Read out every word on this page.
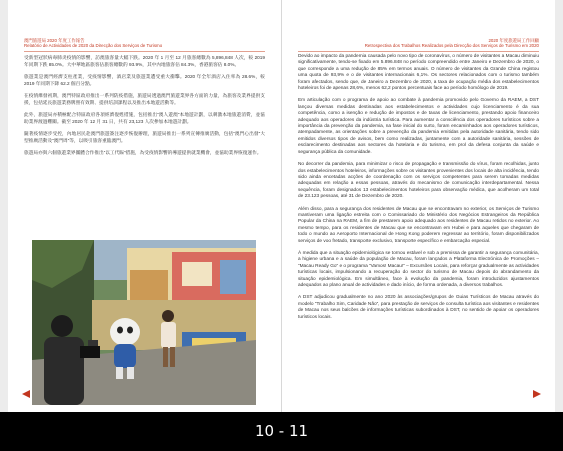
澳門旅遊局 2020 年度工作報告
Relatório de Actividades de 2020 da Direcção dos Serviços de Turismo

受新型冠狀病毒肺炎疫情的影響，訪澳旅客量大幅下跌。2020 年 1 月至 12 月旅客總數為 5,896,848 人次，較 2019 年同期下跌 85.0%。大中華地區旅客佔旅客總數的 93.9%，其中內地旅客佔 84.3%，香港旅客佔 8.0%。

旅遊業是澳門經濟支柱產業，受疫情影響，酒店業及旅遊業遭受重大衝擊。2020 年全年酒店入住率為 28.6%，較 2019 年同期下降 62.2 個百分點。

在疫情爆發初期，澳門特區政府推出一系列防疫措施，旅遊局透過澳門旅遊業界各方面的力量，為旅客及業界提供支援，包括延長旅遊業務牌照有效期、提供培訓課程以及推出本地遊活動等。

此外，旅遊局亦積極配合特區政府各項經濟復甦措施，包括推出“澳人遊澳”本地遊計劃，以刺激本地旅遊消費，並協助業界渡過難關。截至 2020 年 12 月 31 日，共有 23,123 人次參加本地遊計劃。

隨著疫情逐步受控，內地居民赴澳門旅遊簽注逐步恢復辦理，旅遊局推出一系列宣傳推廣活動，包括“澳門心出發”大型推廣活動及“澳門周”等，以吸引旅客重臨澳門。

旅遊局亦與六個旅遊業界團體合作推出“以工代賑”措施，為受疫情影響的導遊提供就業機會，並協助業界恢復運作。

2020 年度旅遊局工作回顧
Retrospectiva dos Trabalhos Realizados pela Direcção dos Serviços de Turismo em 2020

Devido ao impacto da pandemia causada pelo novo tipo de coronavírus, o número de visitantes a Macau diminuiu significativamente, tendo-se fixado em 5.896.848 no período compreendido entre Janeiro e Dezembro de 2020, o que corresponde a uma redução de 85% em termos anuais. O número de visitantes da Grande China registou uma quota de 93,9% e o de visitantes internacionais 6,1%. Os sectores relacionados com o turismo também foram afectados, sendo que, de Janeiro a Dezembro de 2020, a taxa de ocupação média dos estabelecimentos hoteleiros foi de apenas 28,6%, menos 62,2 pontos percentuais face ao período homólogo de 2019.

Em articulação com o programa de apoio ao combate à pandemia promovido pelo Governo da RAEM, a DST lançou diversas medidas destinadas aos estabelecimentos e actividades cujo licenciamento é da sua competência, como a isenção e redução de impostos e de taxas de licenciamento, prestando apoio financeiro adequado aos operadores da indústria turística. Para aumentar a consciência dos operadores turísticos sobre a importância da prevenção da pandemia, na fase inicial do surto, foram encaminhados aos operadores turísticos, atempadamente, as orientações sobre a prevenção da pandemia emitidas pela autoridade sanitária, tendo sido emitidos diversos tipos de avisos, bem como realizadas, juntamente com a autoridade sanitária, sessões de esclarecimento destinadas aos sectores da hotelaria e do turismo, em prol da defesa conjunta da saúde e segurança pública da comunidade.

No decorrer da pandemia, para minimizar o risco de propagação e transmissão do vírus, foram recolhidas, junto dos estabelecimentos hoteleiros, informações sobre os visitantes provenientes dos locais de alta incidência, tendo sido ainda encetadas acções de coordenação com os serviços competentes para serem tomadas medidas adequadas em relação a essas pessoas, através do mecanismo de comunicação interdepartamental. Nessa sequência, foram designados 13 estabelecimentos hoteleiros para observação médica, que acolheram um total de 23.123 pessoas, até 31 de Dezembro de 2020.

Além disso, para a segurança dos residentes de Macau que se encontravam no exterior, os Serviços de Turismo mantiveram uma ligação estreita com o Comissariado do Ministério dos Negócios Estrangeiros da República Popular da China na RAEM, a fim de prestarem apoio adequado aos residentes de Macau retidos no exterior. Ao mesmo tempo, para os residentes de Macau que se encontravam em Hubei e para aqueles que chegaram de todo o mundo ao Aeroporto Internacional de Hong Kong poderem regressar ao território, foram disponibilizados serviços de voo fretado, transporte exclusivo, transporte específico e embarcação especial.

À medida que a situação epidemiológica se tornou estável e sob a premissa de garantir a segurança comunitária, a higiene urbana e a saúde da população de Macau, foram lançados a Plataforma Electrónica de Promoções – “Macau Ready Go” e o programa “Vamos! Macau!” – Excursões Locais, para reforçar gradualmente as actividades turísticas locais, impulsionando a recuperação do sector do turismo de Macau depois do abrandamento da situação epidemiológica. Em simultâneo, face à evolução da pandemia, foram introduzidos ajustamentos adequados ao plano anual de actividades e dado início, de forma ordenada, a diversos trabalhos.

A DST adjudicou gradualmente no ano 2020 às associações/grupos de Guias Turísticos de Macau através do modelo “Trabalho Sim, Caridade Não”, para prestação de serviços de consulta turística aos visitantes e residentes de Macau nos seus balcões de informações turísticas subordinados à DST, no sentido de apoiar os operadores turísticos locais.

10 - 11
